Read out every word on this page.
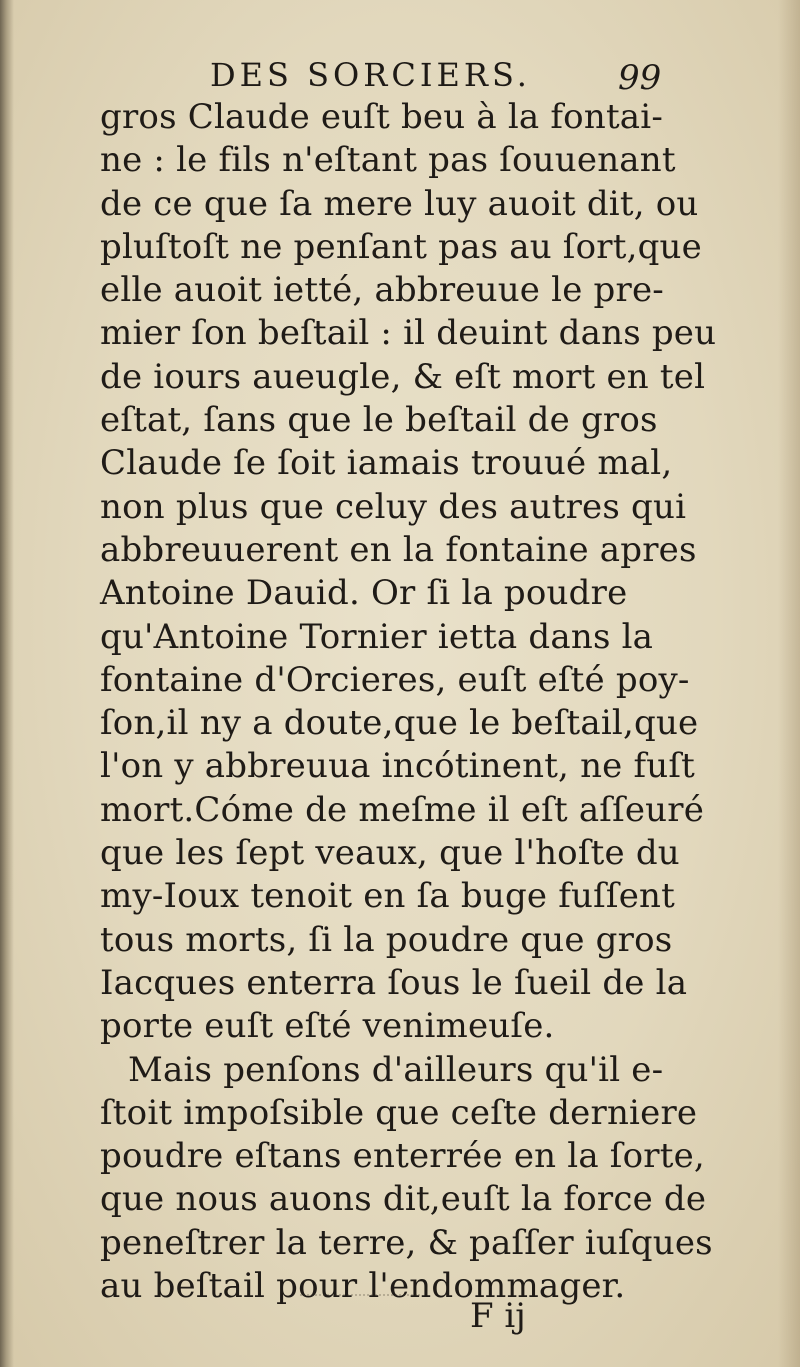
DES SORCIERS.	99
gros Claude euſt beu à la fontai-
ne : le fils n'eſtant pas ſouuenant
de ce que ſa mere luy auoit dit, ou
pluſtoſt ne penſant pas au ſort,que
elle auoit ietté, abbreuue le pre-
mier ſon beſtail : il deuint dans peu
de iours aueugle, & eſt mort en tel
eſtat, ſans que le beſtail de gros
Claude ſe ſoit iamais trouué mal,
non plus que celuy des autres qui
abbreuuerent en la fontaine apres
Antoine Dauid. Or ſi la poudre
qu'Antoine Tornier ietta dans la
fontaine d'Orcieres, euſt eſté poy-
ſon,il ny a doute,que le beſtail,que
l'on y abbreuua incótinent, ne fuſt
mort.Cóme de meſme il eſt aſſeuré
que les ſept veaux, que l'hoſte du
my-Ioux tenoit en ſa buge fuſſent
tous morts, ſi la poudre que gros
Iacques enterra ſous le ſueil de la
porte euſt eſté venimeuſe.
Mais penſons d'ailleurs qu'il e-
ſtoit impoſsible que ceſte derniere
poudre eſtans enterrée en la ſorte,
que nous auons dit,euſt la force de
peneſtrer la terre, & paſſer iuſques
au beſtail pour l'endommager.
F ij
